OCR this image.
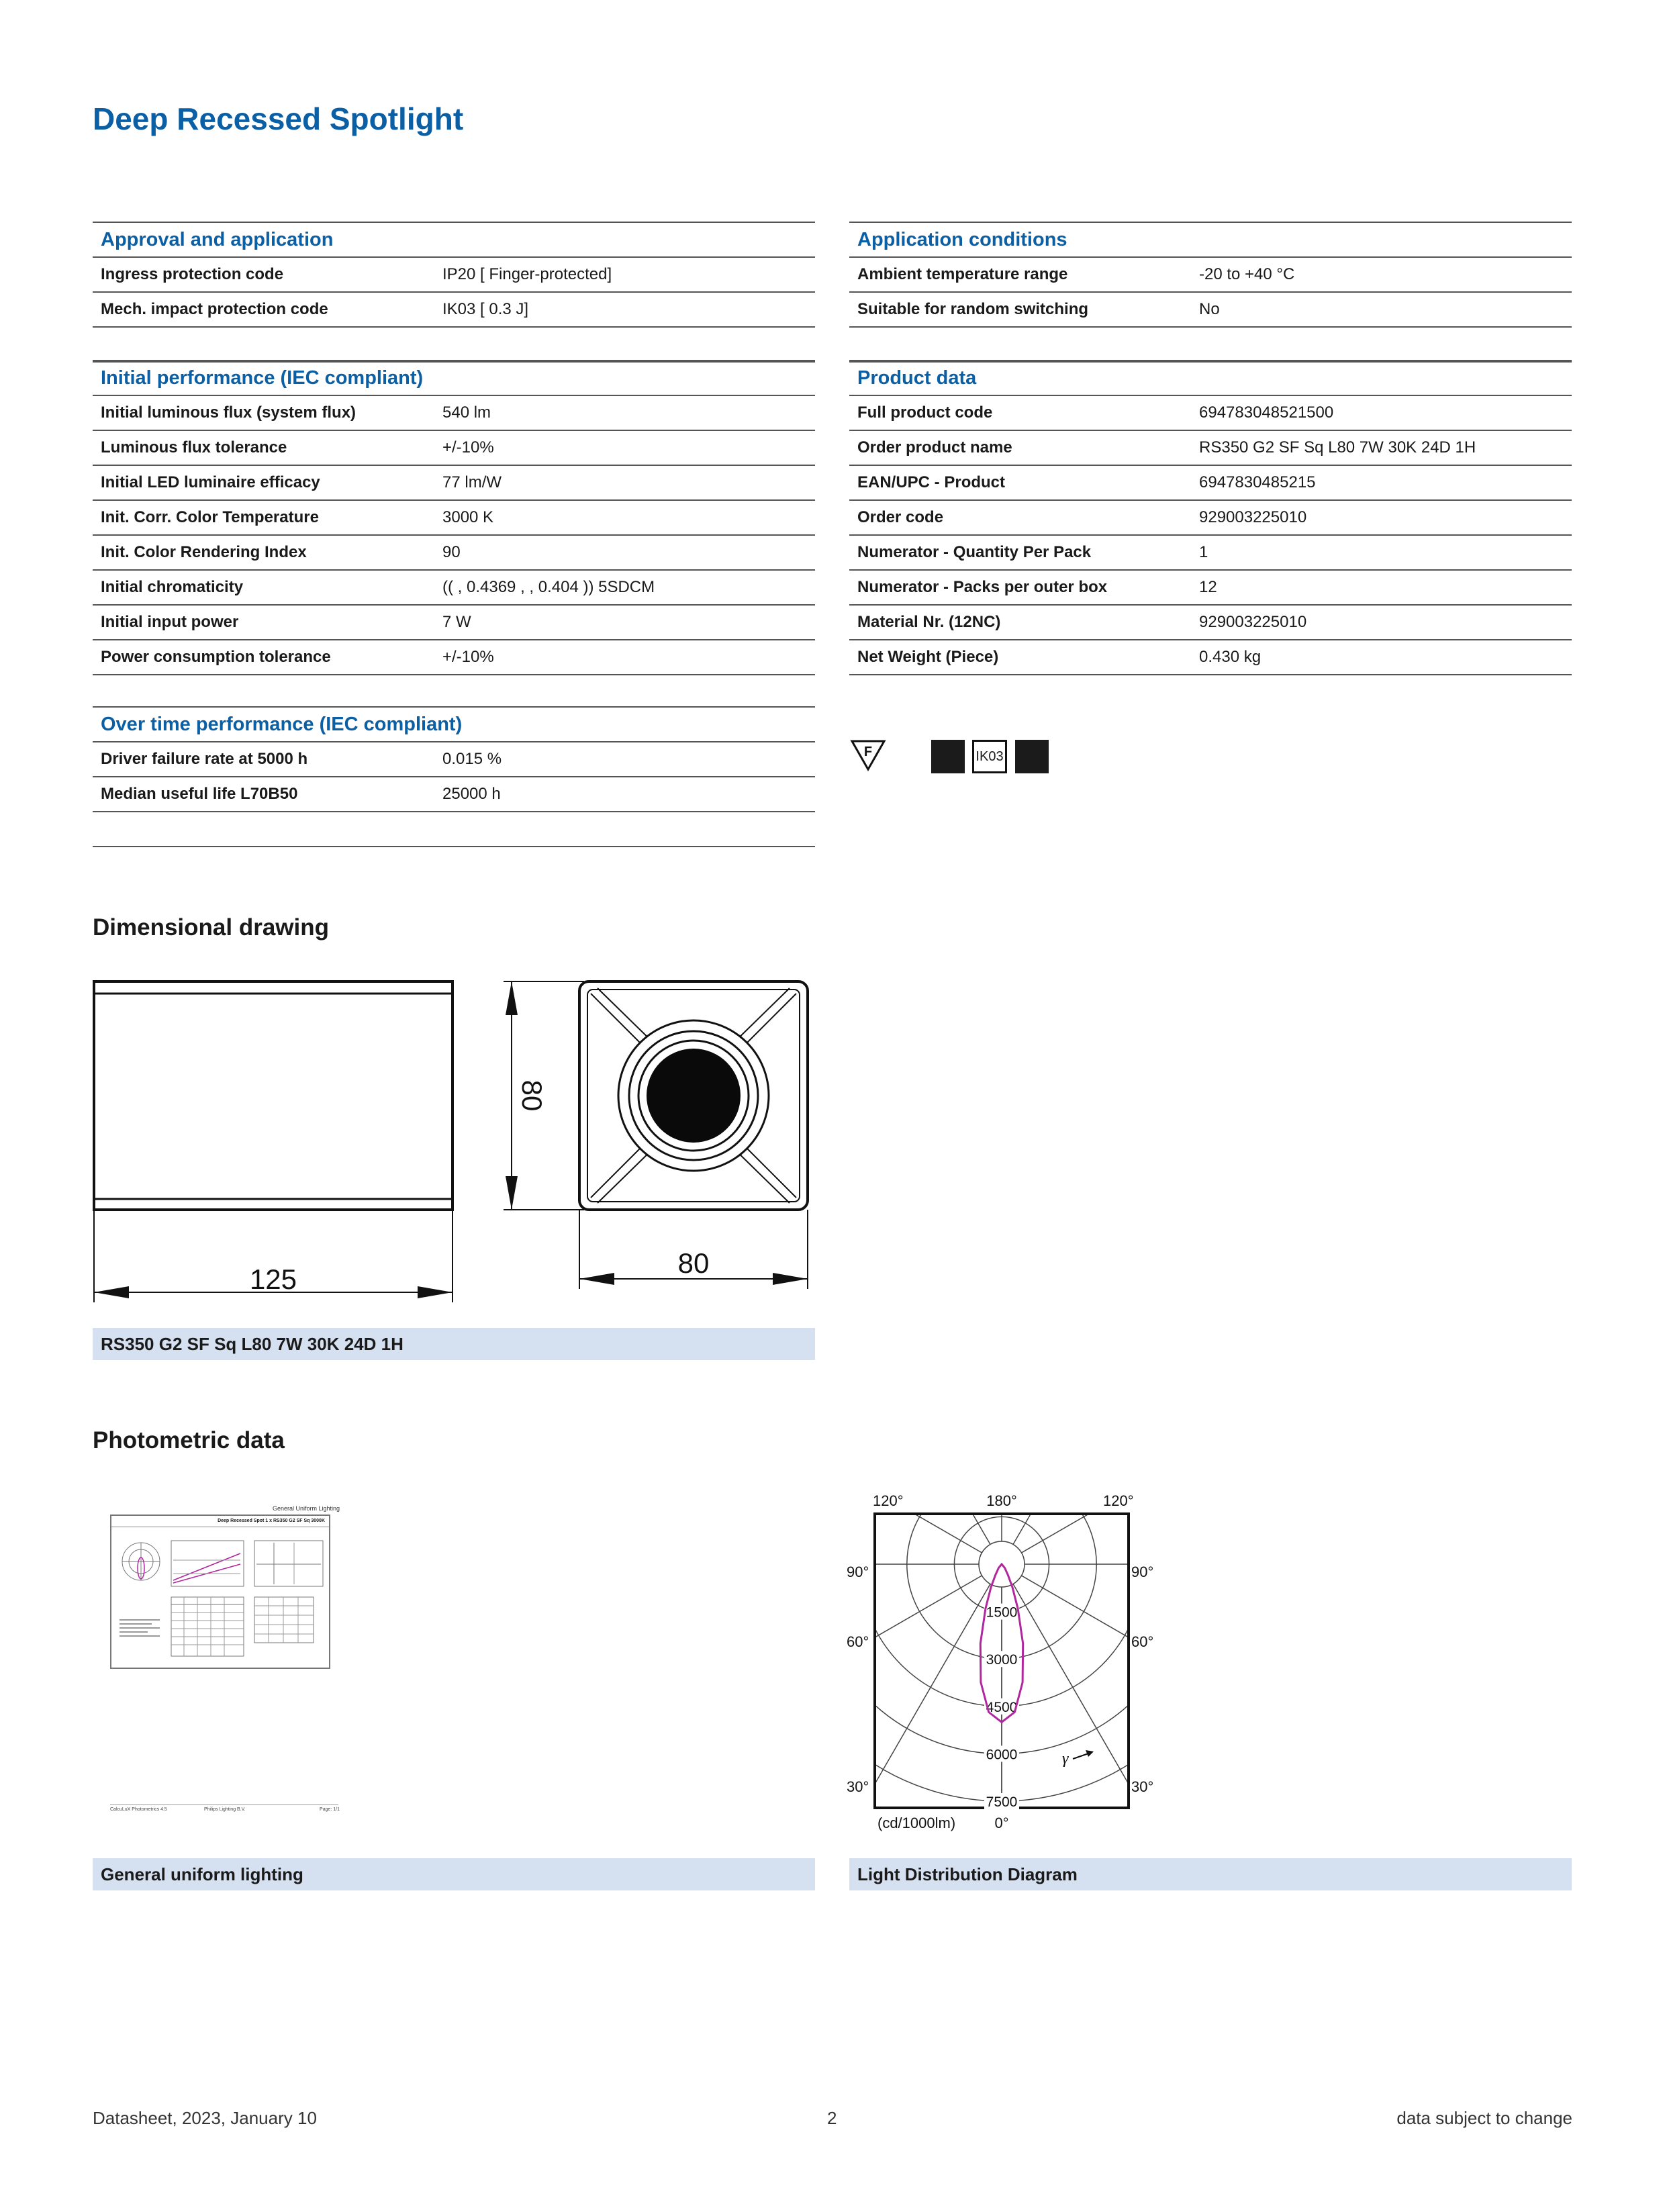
Deep Recessed Spotlight
Approval and application
Ingress protection code	IP20 [ Finger-protected]
Mech. impact protection code	IK03 [ 0.3 J]
Initial performance (IEC compliant)
Initial luminous flux (system flux)	540 lm
Luminous flux tolerance	+/-10%
Initial LED luminaire efficacy	77 lm/W
Init. Corr. Color Temperature	3000 K
Init. Color Rendering Index	90
Initial chromaticity	(( , 0.4369 , , 0.404 )) 5SDCM
Initial input power	7 W
Power consumption tolerance	+/-10%
Over time performance (IEC compliant)
Driver failure rate at 5000 h	0.015 %
Median useful life L70B50	25000 h
Application conditions
Ambient temperature range	-20 to +40 °C
Suitable for random switching	No
Product data
Full product code	694783048521500
Order product name	RS350 G2 SF Sq L80 7W 30K 24D 1H
EAN/UPC - Product	6947830485215
Order code	929003225010
Numerator - Quantity Per Pack	1
Numerator - Packs per outer box	12
Material Nr. (12NC)	929003225010
Net Weight (Piece)	0.430 kg
F	IK03
Dimensional drawing
125
80
80
RS350 G2 SF Sq L80 7W 30K 24D 1H
Photometric data
General Uniform Lighting
Deep Recessed Spot 1 x RS350 G2 SF Sq 3000K
CalcuLuX Photometrics 4.5	Philips Lighting B.V.	Page: 1/1
1500
3000
4500
6000
7500
120°	180°	120°
90°	90°
60°	60°
30°	30°
(cd/1000lm)	0°
γ
General uniform lighting	Light Distribution Diagram
Datasheet, 2023, January 10	2	data subject to change
